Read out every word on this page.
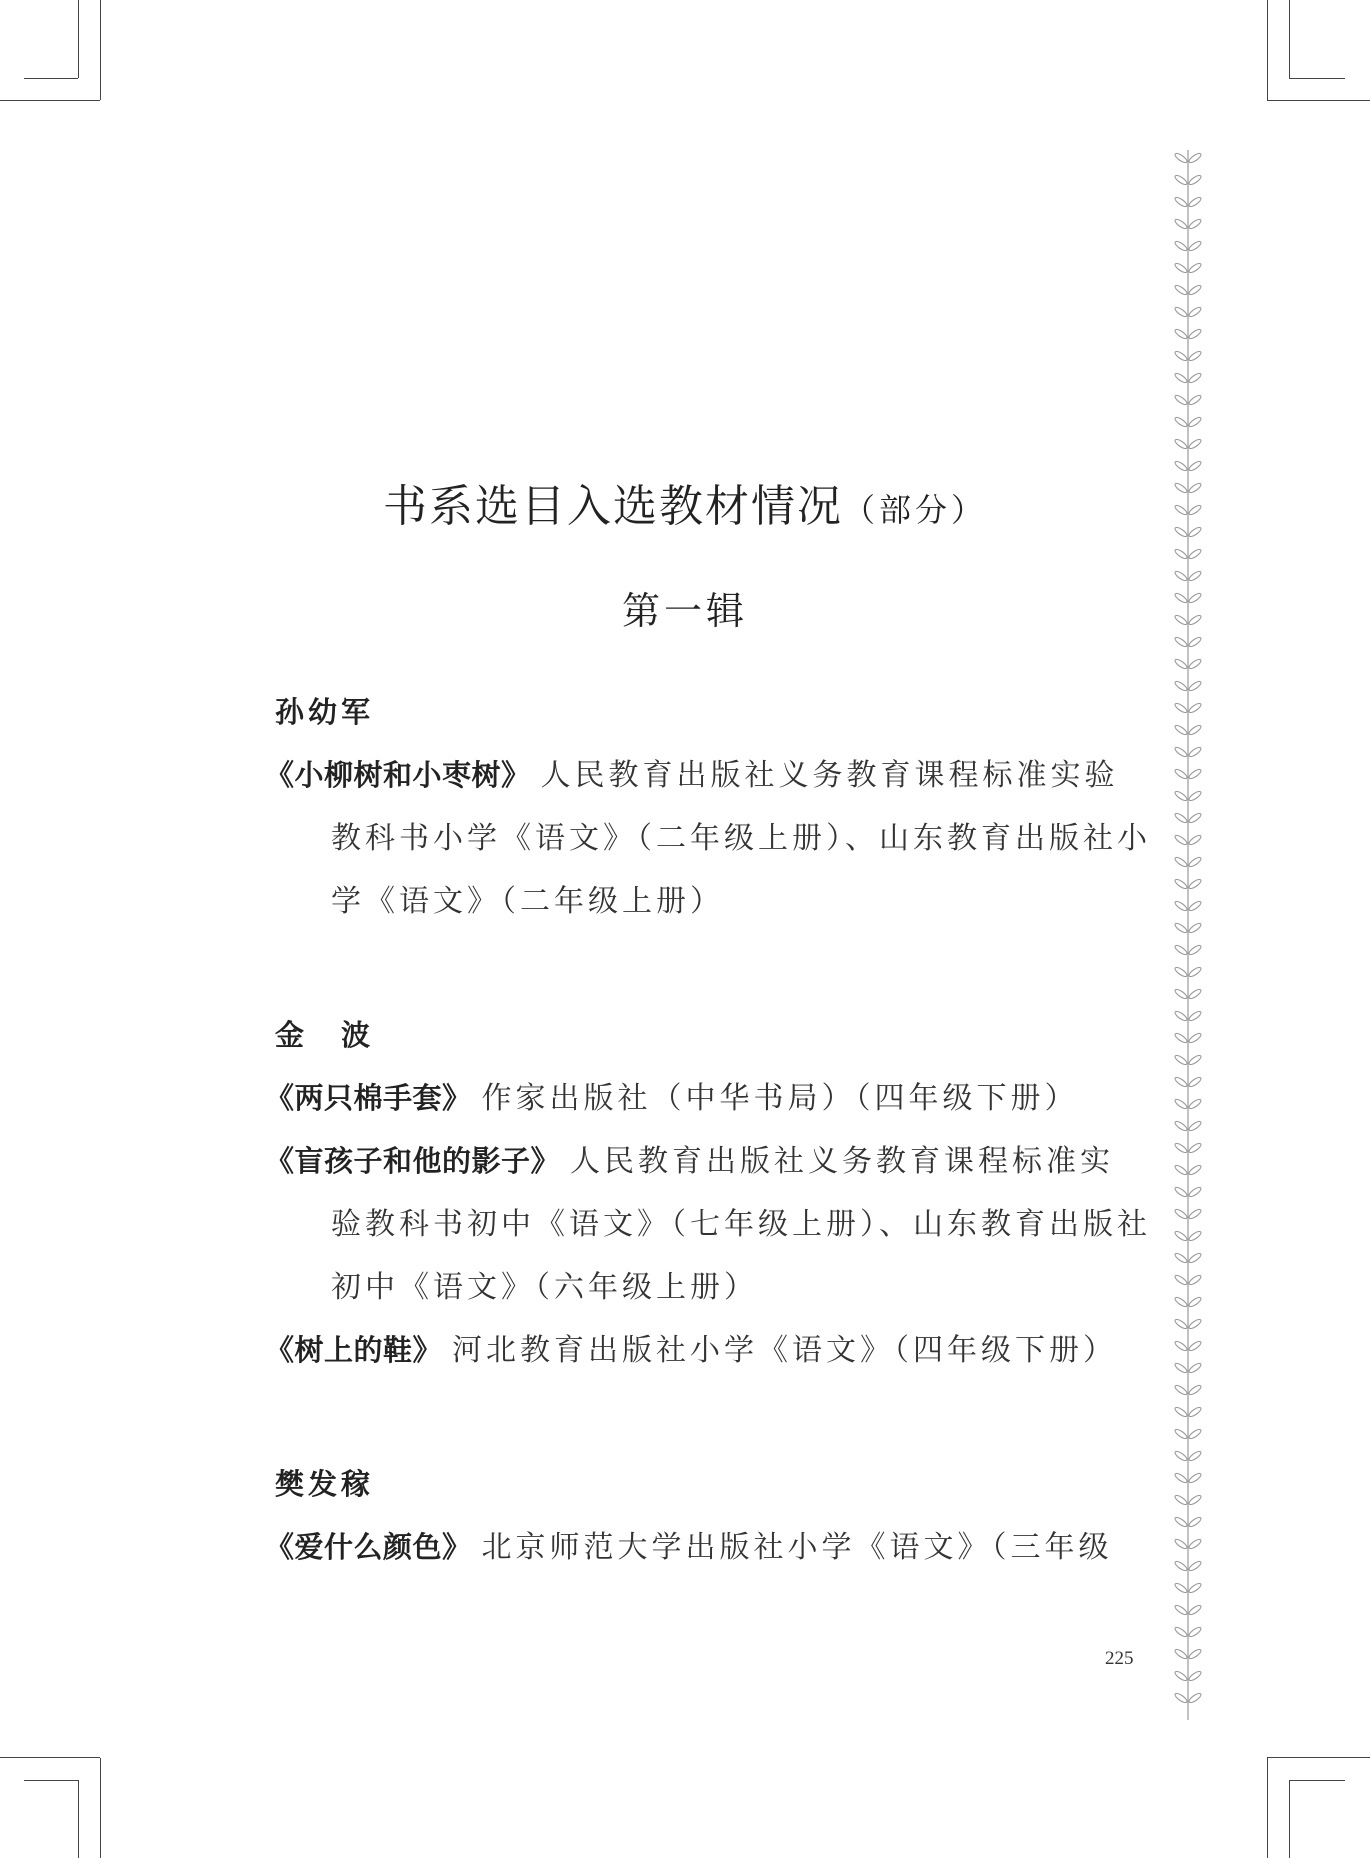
书系选目入选教材情况（部分）
第一辑
孙幼军
《小柳树和小枣树》 人民教育出版社义务教育课程标准实验
教科书小学《语文》（二年级上册）、山东教育出版社小
学《语文》（二年级上册）
金　波
《两只棉手套》 作家出版社（中华书局）（四年级下册）
《盲孩子和他的影子》 人民教育出版社义务教育课程标准实
验教科书初中《语文》（七年级上册）、山东教育出版社
初中《语文》（六年级上册）
《树上的鞋》 河北教育出版社小学《语文》（四年级下册）
樊发稼
《爱什么颜色》 北京师范大学出版社小学《语文》（三年级
225
